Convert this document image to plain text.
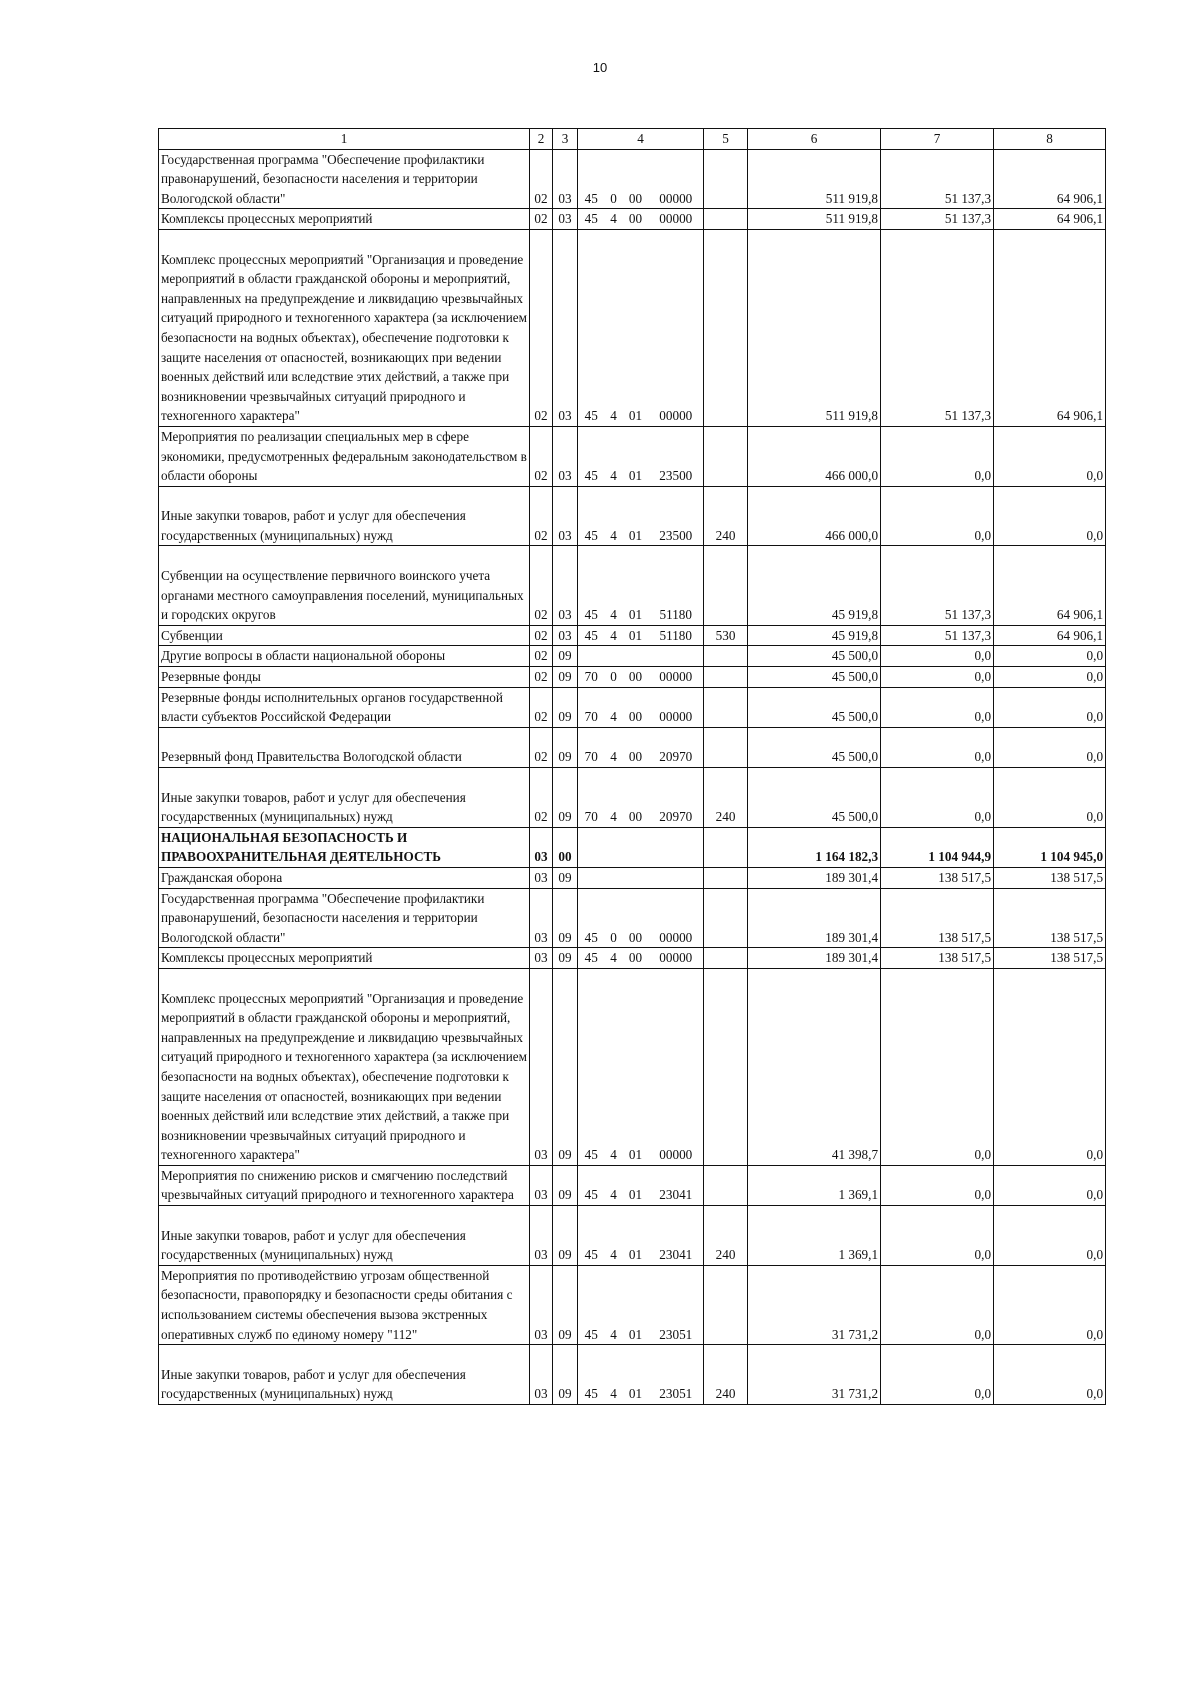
10
1	2	3	4				5	6	7	8
Государственная программа "Обеспечение профилактики правонарушений, безопасности населения и территории Вологодской области"	02	03	45	0	00	00000		511 919,8	51 137,3	64 906,1
Комплексы процессных мероприятий	02	03	45	4	00	00000		511 919,8	51 137,3	64 906,1

Комплекс процессных мероприятий "Организация и проведение мероприятий в области гражданской обороны и мероприятий, направленных на предупреждение и ликвидацию чрезвычайных ситуаций природного и техногенного характера (за исключением безопасности на водных объектах), обеспечение подготовки к защите населения от опасностей, возникающих при ведении военных действий или вследствие этих действий, а также при возникновении чрезвычайных ситуаций природного и техногенного характера"	02	03	45	4	01	00000		511 919,8	51 137,3	64 906,1
Мероприятия по реализации специальных мер в сфере экономики, предусмотренных федеральным законодательством в области обороны	02	03	45	4	01	23500		466 000,0	0,0	0,0

Иные закупки товаров, работ и услуг для обеспечения государственных (муниципальных) нужд	02	03	45	4	01	23500	240	466 000,0	0,0	0,0

Субвенции на осуществление первичного воинского учета органами местного самоуправления поселений, муниципальных и городских округов	02	03	45	4	01	51180		45 919,8	51 137,3	64 906,1
Субвенции	02	03	45	4	01	51180	530	45 919,8	51 137,3	64 906,1
Другие вопросы в области национальной обороны	02	09						45 500,0	0,0	0,0
Резервные фонды	02	09	70	0	00	00000		45 500,0	0,0	0,0
Резервные фонды исполнительных органов государственной власти субъектов Российской Федерации	02	09	70	4	00	00000		45 500,0	0,0	0,0

Резервный фонд Правительства Вологодской области	02	09	70	4	00	20970		45 500,0	0,0	0,0

Иные закупки товаров, работ и услуг для обеспечения государственных (муниципальных) нужд	02	09	70	4	00	20970	240	45 500,0	0,0	0,0
НАЦИОНАЛЬНАЯ БЕЗОПАСНОСТЬ И ПРАВООХРАНИТЕЛЬНАЯ ДЕЯТЕЛЬНОСТЬ	03	00						1 164 182,3	1 104 944,9	1 104 945,0
Гражданская оборона	03	09						189 301,4	138 517,5	138 517,5
Государственная программа "Обеспечение профилактики правонарушений, безопасности населения и территории Вологодской области"	03	09	45	0	00	00000		189 301,4	138 517,5	138 517,5
Комплексы процессных мероприятий	03	09	45	4	00	00000		189 301,4	138 517,5	138 517,5

Комплекс процессных мероприятий "Организация и проведение мероприятий в области гражданской обороны и мероприятий, направленных на предупреждение и ликвидацию чрезвычайных ситуаций природного и техногенного характера (за исключением безопасности на водных объектах), обеспечение подготовки к защите населения от опасностей, возникающих при ведении военных действий или вследствие этих действий, а также при возникновении чрезвычайных ситуаций природного и техногенного характера"	03	09	45	4	01	00000		41 398,7	0,0	0,0
Мероприятия по снижению рисков и смягчению последствий чрезвычайных ситуаций природного и техногенного характера	03	09	45	4	01	23041		1 369,1	0,0	0,0

Иные закупки товаров, работ и услуг для обеспечения государственных (муниципальных) нужд	03	09	45	4	01	23041	240	1 369,1	0,0	0,0
Мероприятия по противодействию угрозам общественной безопасности, правопорядку и безопасности среды обитания с использованием системы обеспечения вызова экстренных оперативных служб по единому номеру "112"	03	09	45	4	01	23051		31 731,2	0,0	0,0

Иные закупки товаров, работ и услуг для обеспечения государственных (муниципальных) нужд	03	09	45	4	01	23051	240	31 731,2	0,0	0,0
